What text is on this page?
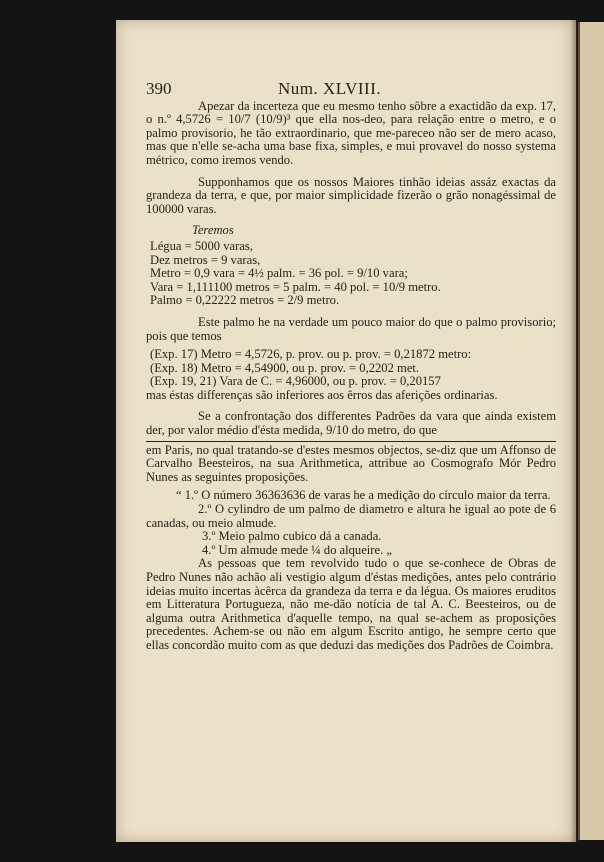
390	Num. XLVIII.

Apezar da incerteza que eu mesmo tenho sôbre a exactidão da exp. 17, o n.º 4,5726 = 10/7 (10/9)³ que ella nos-deo, para relação entre o metro, e o palmo provisorio, he tão extraordinario, que me-pareceo não ser de mero acaso, mas que n'elle se-acha uma base fixa, simples, e mui provavel do nosso systema métrico, como iremos vendo.

Supponhamos que os nossos Maiores tinhão ideias assáz exactas da grandeza da terra, e que, por maior simplicidade fizerão o grão nonagéssimal de 100000 varas.

Teremos
Légua = 5000 varas,
Dez metros = 9 varas,
Metro = 0,9 vara = 4½ palm. = 36 pol. = 9/10 vara;
Vara = 1,111100 metros = 5 palm. = 40 pol. = 10/9 metro.
Palmo = 0,22222 metros = 2/9 metro.

Este palmo he na verdade um pouco maior do que o palmo provisorio; pois que temos

(Exp. 17) Metro = 4,5726, p. prov. ou p. prov. = 0,21872 metro:
(Exp. 18) Metro = 4,54900, ou p. prov. = 0,2202 met.
(Exp. 19, 21) Vara de C. = 4,96000, ou p. prov. = 0,20157

mas éstas differenças são inferiores aos êrros das aferições ordinarias.

Se a confrontação dos differentes Padrões da vara que ainda existem der, por valor médio d'ésta medida, 9/10 do metro, do que

em Paris, no qual tratando-se d'estes mesmos objectos, se-diz que um Affonso de Carvalho Beesteiros, na sua Arithmetica, attribue ao Cosmografo Mór Pedro Nunes as seguintes proposições.

“ 1.º O número 36363636 de varas he a medição do círculo maior da terra.

2.º O cylindro de um palmo de diametro e altura he igual ao pote de 6 canadas, ou meio almude.

3.º Meio palmo cubico dá a canada.
4.º Um almude mede ¼ do alqueire. „

As pessoas que tem revolvido tudo o que se-conhece de Obras de Pedro Nunes não achão ali vestigio algum d'éstas medições, antes pelo contrário ideias muito incertas àcêrca da grandeza da terra e da légua. Os maiores eruditos em Litteratura Portugueza, não me-dão notícia de tal A. C. Beesteiros, ou de alguma outra Arithmetica d'aquelle tempo, na qual se-achem as proposições precedentes. Achem-se ou não em algum Escrito antigo, he sempre certo que ellas concordão muito com as que deduzi das medições dos Padrões de Coimbra.
